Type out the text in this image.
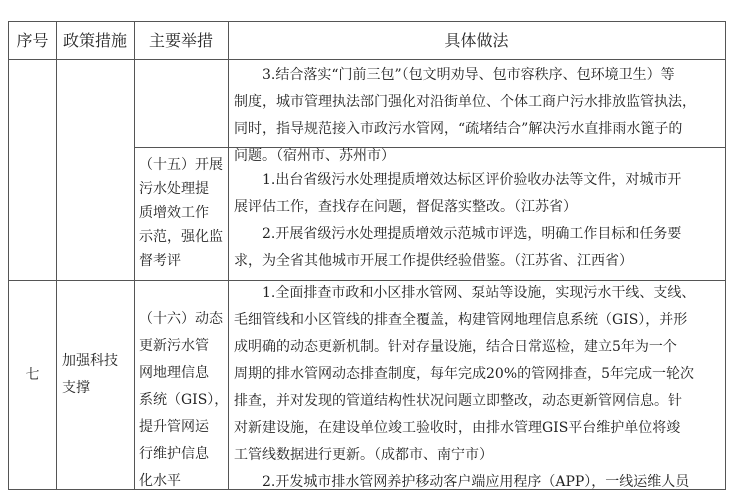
序号 政策措施	主要举措	具体做法
3.结合落实“门前三包”（包文明劝导、包市容秩序、包环境卫生）等
制度，城市管理执法部门强化对沿街单位、个体工商户污水排放监管执法，
同时，指导规范接入市政污水管网，“疏堵结合”解决污水直排雨水篦子的
问题。（宿州市、苏州市）
（十五）开展
污水处理提
质增效工作
示范，强化监
督考评
1.出台省级污水处理提质增效达标区评价验收办法等文件，对城市开
展评估工作，查找存在问题，督促落实整改。（江苏省）
2.开展省级污水处理提质增效示范城市评选，明确工作目标和任务要
求，为全省其他城市开展工作提供经验借鉴。（江苏省、江西省）
七
加强科技
支撑
（十六）动态
更新污水管
网地理信息
系统（GIS），
提升管网运
行维护信息
化水平
1.全面排查市政和小区排水管网、泵站等设施，实现污水干线、支线、
毛细管线和小区管线的排查全覆盖，构建管网地理信息系统（GIS），并形
成明确的动态更新机制。针对存量设施，结合日常巡检，建立5年为一个
周期的排水管网动态排查制度，每年完成20%的管网排查，5年完成一轮次
排查，并对发现的管道结构性状况问题立即整改，动态更新管网信息。针
对新建设施，在建设单位竣工验收时，由排水管理GIS平台维护单位将竣
工管线数据进行更新。（成都市、南宁市）
2.开发城市排水管网养护移动客户端应用程序（APP），一线运维人员
